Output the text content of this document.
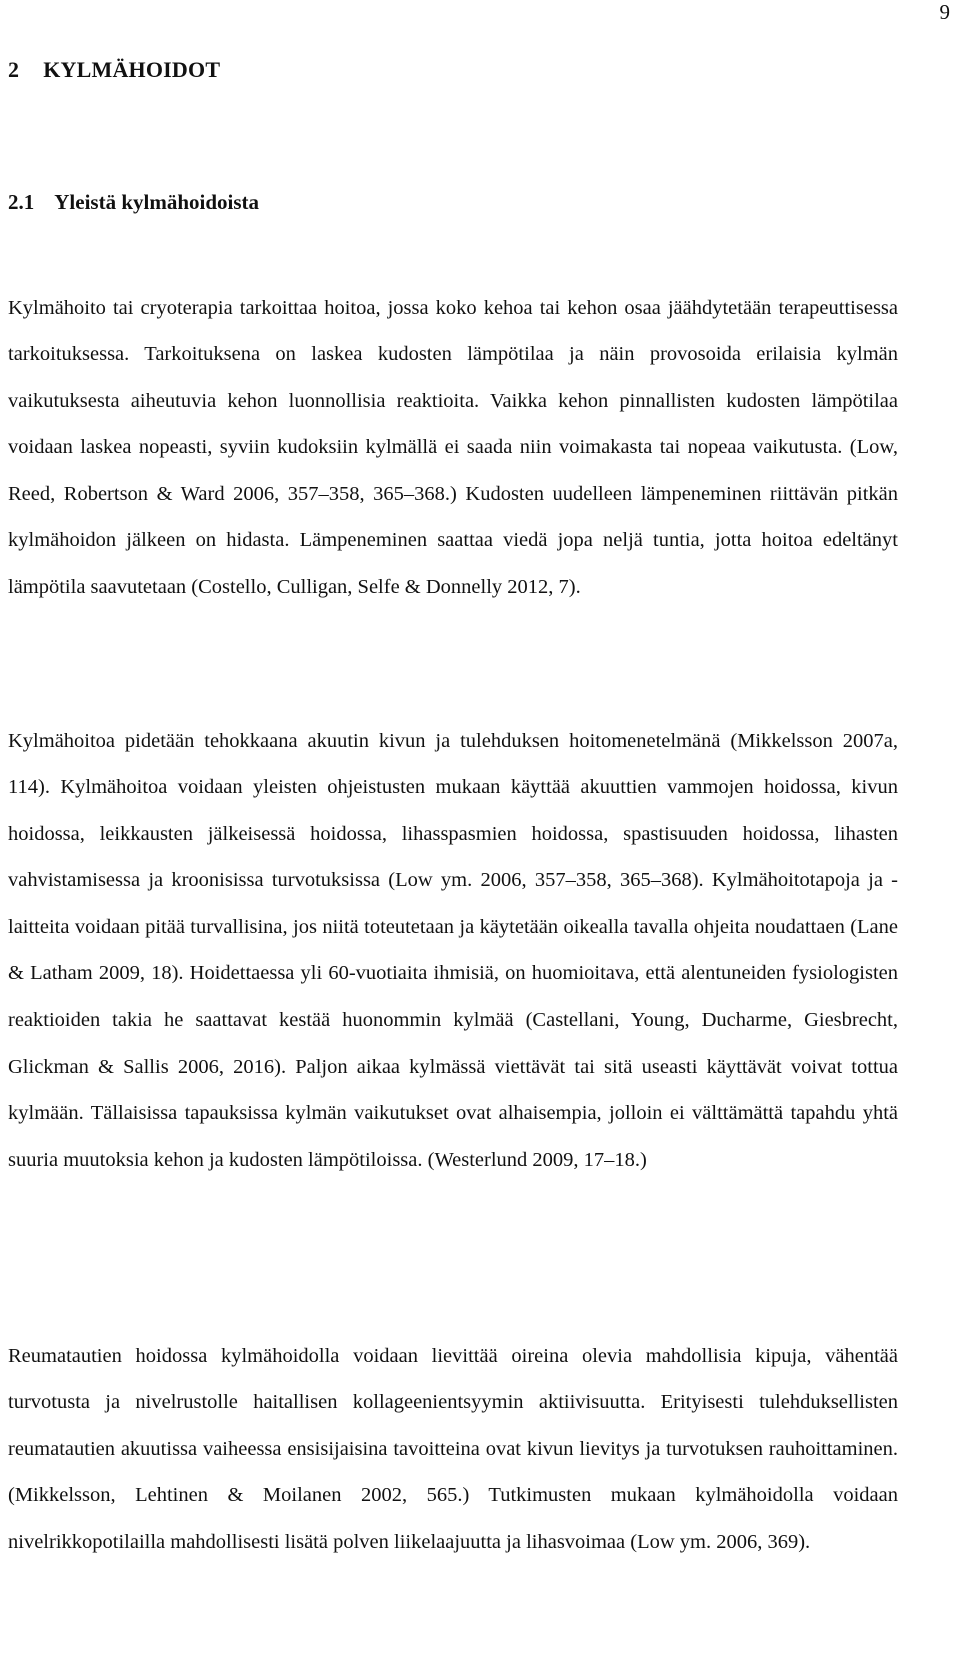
9
2 KYLMÄHOIDOT
2.1 Yleistä kylmähoidoista

Kylmähoito tai cryoterapia tarkoittaa hoitoa, jossa koko kehoa tai kehon osaa jäähdytetään terapeuttisessa tarkoituksessa. Tarkoituksena on laskea kudosten lämpötilaa ja näin provosoida erilaisia kylmän vaikutuksesta aiheutuvia kehon luonnollisia reaktioita. Vaikka kehon pinnallisten kudosten lämpötilaa voidaan laskea nopeasti, syviin kudoksiin kylmällä ei saada niin voimakasta tai nopeaa vaikutusta. (Low, Reed, Robertson & Ward 2006, 357–358, 365–368.) Kudosten uudelleen lämpeneminen riittävän pitkän kylmähoidon jälkeen on hidasta. Lämpeneminen saattaa viedä jopa neljä tuntia, jotta hoitoa edeltänyt lämpötila saavutetaan (Costello, Culligan, Selfe & Donnelly 2012, 7).

Kylmähoitoa pidetään tehokkaana akuutin kivun ja tulehduksen hoitomenetelmänä (Mikkelsson 2007a, 114). Kylmähoitoa voidaan yleisten ohjeistusten mukaan käyttää akuuttien vammojen hoidossa, kivun hoidossa, leikkausten jälkeisessä hoidossa, lihasspasmien hoidossa, spastisuuden hoidossa, lihasten vahvistamisessa ja kroonisissa turvotuksissa (Low ym. 2006, 357–358, 365–368). Kylmähoitotapoja ja -laitteita voidaan pitää turvallisina, jos niitä toteutetaan ja käytetään oikealla tavalla ohjeita noudattaen (Lane & Latham 2009, 18). Hoidettaessa yli 60-vuotiaita ihmisiä, on huomioitava, että alentuneiden fysiologisten reaktioiden takia he saattavat kestää huonommin kylmää (Castellani, Young, Ducharme, Giesbrecht, Glickman & Sallis 2006, 2016). Paljon aikaa kylmässä viettävät tai sitä useasti käyttävät voivat tottua kylmään. Tällaisissa tapauksissa kylmän vaikutukset ovat alhaisempia, jolloin ei välttämättä tapahdu yhtä suuria muutoksia kehon ja kudosten lämpötiloissa. (Westerlund 2009, 17–18.)

Reumatautien hoidossa kylmähoidolla voidaan lievittää oireina olevia mahdollisia kipuja, vähentää turvotusta ja nivelrustolle haitallisen kollageenientsyymin aktiivisuutta. Erityisesti tulehduksellisten reumatautien akuutissa vaiheessa ensisijaisina tavoitteina ovat kivun lievitys ja turvotuksen rauhoittaminen. (Mikkelsson, Lehtinen & Moilanen 2002, 565.) Tutkimusten mukaan kylmähoidolla voidaan nivelrikkopotilailla mahdollisesti lisätä polven liikelaajuutta ja lihasvoimaa (Low ym. 2006, 369).
